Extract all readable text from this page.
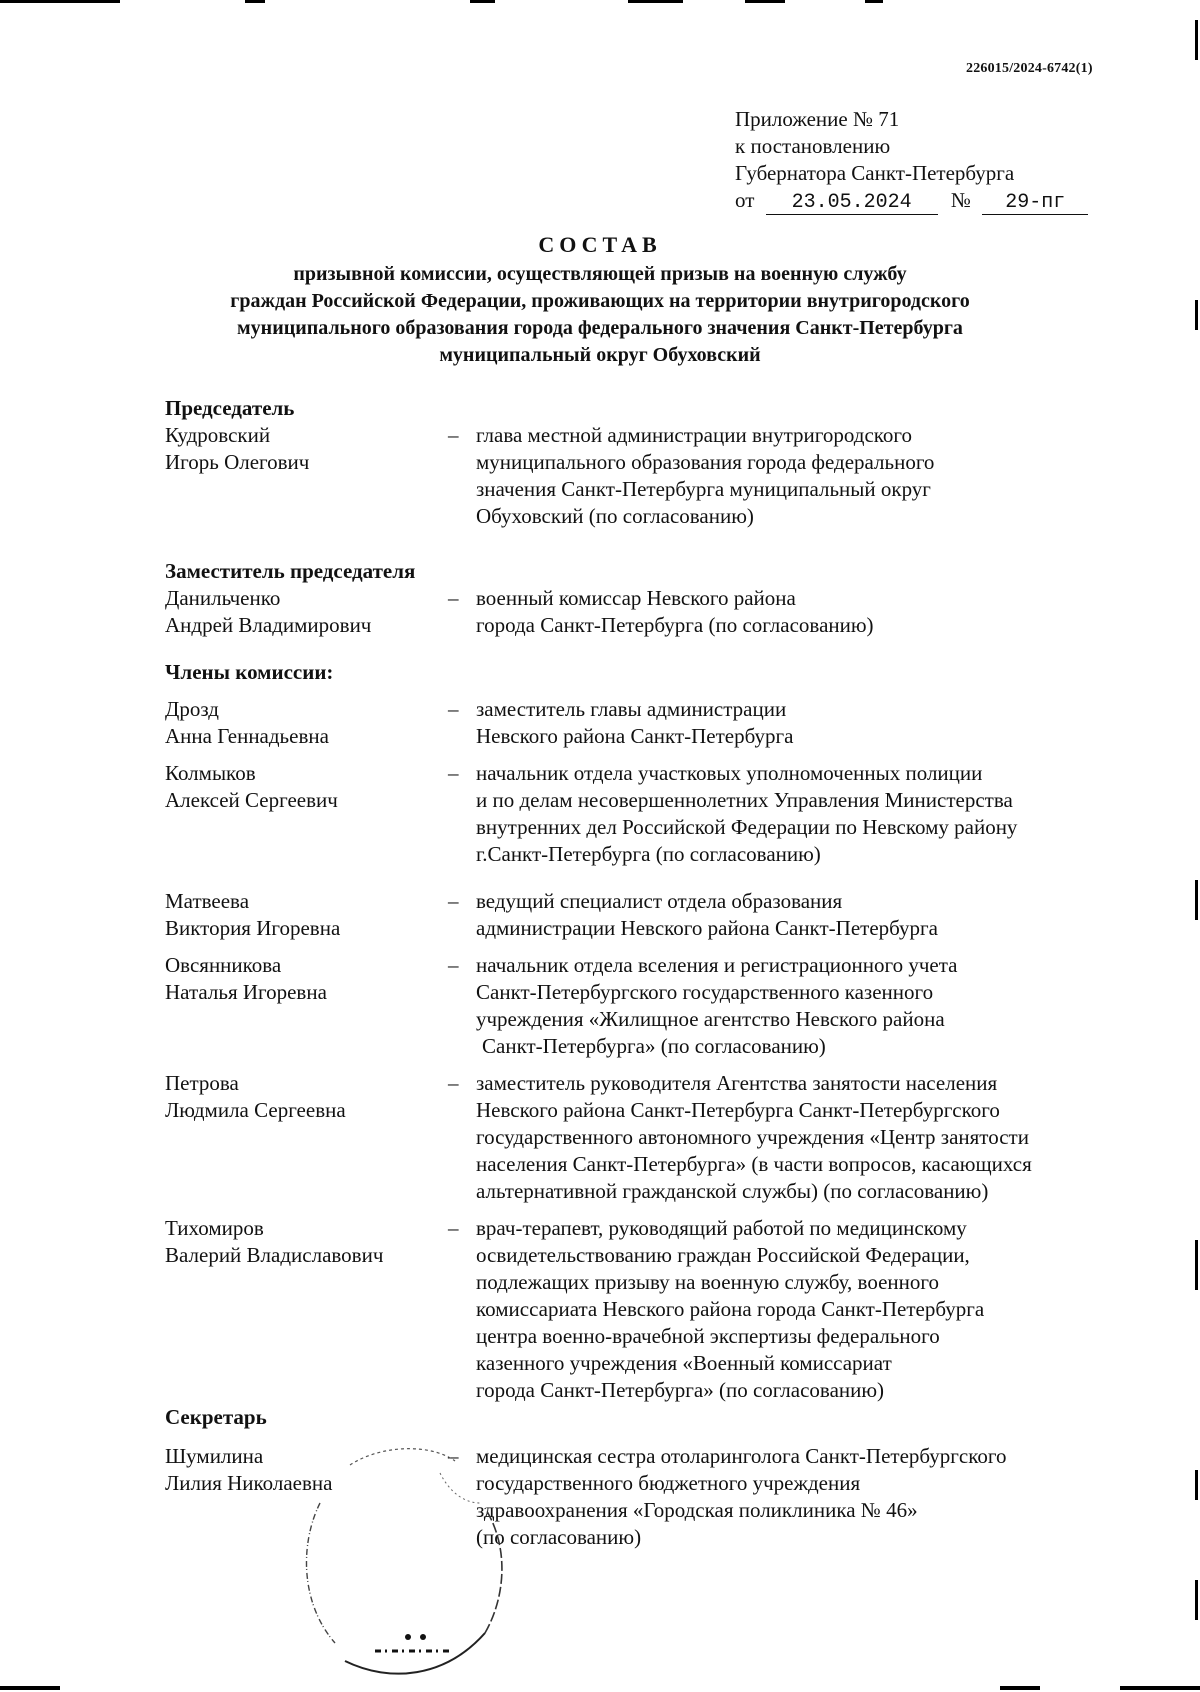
226015/2024-6742(1)
Приложение № 71
к постановлению
Губернатора Санкт-Петербурга
от 23.05.2024 № 29-пг
СОСТАВ
призывной комиссии, осуществляющей призыв на военную службу
граждан Российской Федерации, проживающих на территории внутригородского
муниципального образования города федерального значения Санкт-Петербурга
муниципальный округ Обуховский
Председатель
Кудровский
Игорь Олегович
– глава местной администрации внутригородского
муниципального образования города федерального
значения Санкт-Петербурга муниципальный округ
Обуховский (по согласованию)
Заместитель председателя
Данильченко
Андрей Владимирович
– военный комиссар Невского района
города Санкт-Петербурга (по согласованию)
Члены комиссии:
Дрозд
Анна Геннадьевна
– заместитель главы администрации
Невского района Санкт-Петербурга
Колмыков
Алексей Сергеевич
– начальник отдела участковых уполномоченных полиции
и по делам несовершеннолетних Управления Министерства
внутренних дел Российской Федерации по Невскому району
г.Санкт-Петербурга (по согласованию)
Матвеева
Виктория Игоревна
– ведущий специалист отдела образования
администрации Невского района Санкт-Петербурга
Овсянникова
Наталья Игоревна
– начальник отдела вселения и регистрационного учета
Санкт-Петербургского государственного казенного
учреждения «Жилищное агентство Невского района
Санкт-Петербурга» (по согласованию)
Петрова
Людмила Сергеевна
– заместитель руководителя Агентства занятости населения
Невского района Санкт-Петербурга Санкт-Петербургского
государственного автономного учреждения «Центр занятости
населения Санкт-Петербурга» (в части вопросов, касающихся
альтернативной гражданской службы) (по согласованию)
Тихомиров
Валерий Владиславович
– врач-терапевт, руководящий работой по медицинскому
освидетельствованию граждан Российской Федерации,
подлежащих призыву на военную службу, военного
комиссариата Невского района города Санкт-Петербурга
центра военно-врачебной экспертизы федерального
казенного учреждения «Военный комиссариат
города Санкт-Петербурга» (по согласованию)
Секретарь
Шумилина
Лилия Николаевна
– медицинская сестра отоларинголога Санкт-Петербургского
государственного бюджетного учреждения
здравоохранения «Городская поликлиника № 46»
(по согласованию)
